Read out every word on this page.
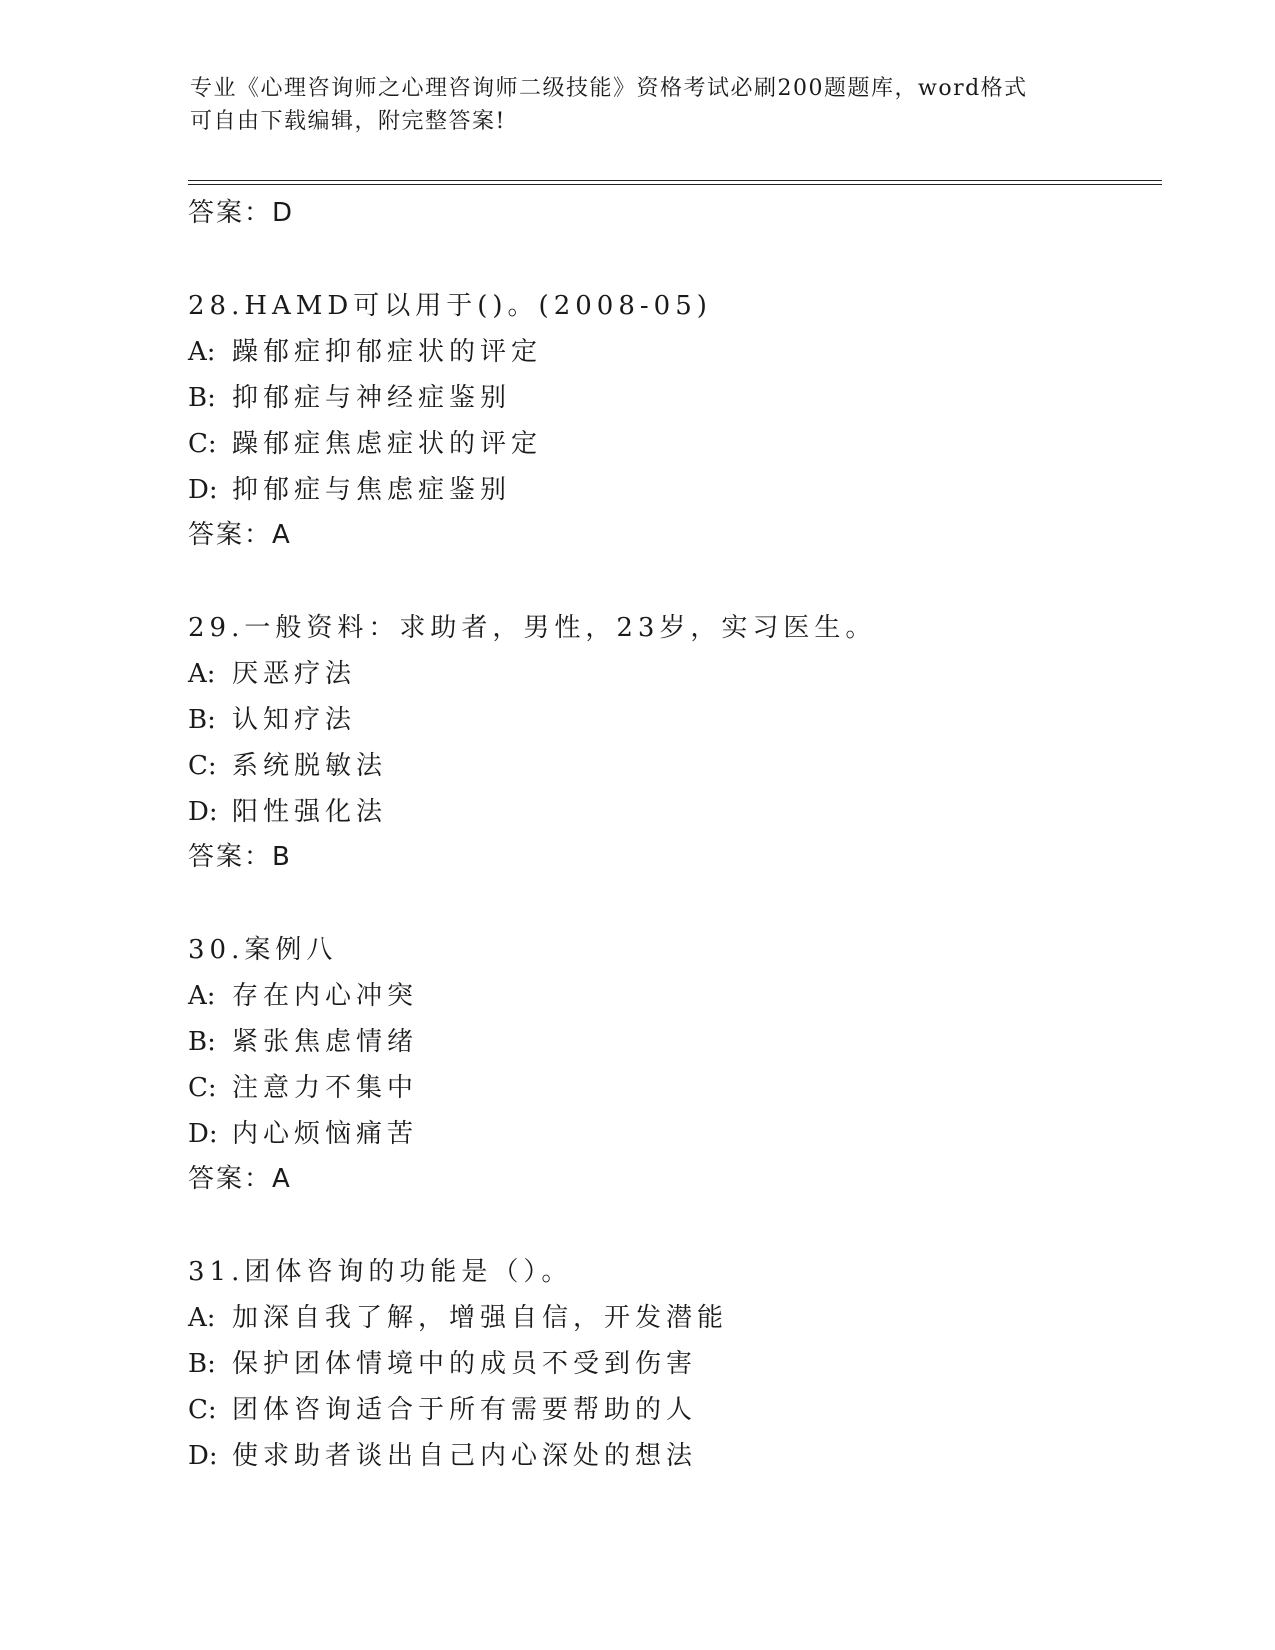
专业《心理咨询师之心理咨询师二级技能》资格考试必刷200题题库，word格式
可自由下载编辑，附完整答案!
答案：D
28.HAMD可以用于()。(2008-05)
A: 躁郁症抑郁症状的评定
B: 抑郁症与神经症鉴别
C: 躁郁症焦虑症状的评定
D: 抑郁症与焦虑症鉴别
答案：A
29.一般资料：求助者，男性，23岁，实习医生。
A: 厌恶疗法
B: 认知疗法
C: 系统脱敏法
D: 阳性强化法
答案：B
30.案例八
A: 存在内心冲突
B: 紧张焦虑情绪
C: 注意力不集中
D: 内心烦恼痛苦
答案：A
31.团体咨询的功能是（）。
A: 加深自我了解，增强自信，开发潜能
B: 保护团体情境中的成员不受到伤害
C: 团体咨询适合于所有需要帮助的人
D: 使求助者谈出自己内心深处的想法
